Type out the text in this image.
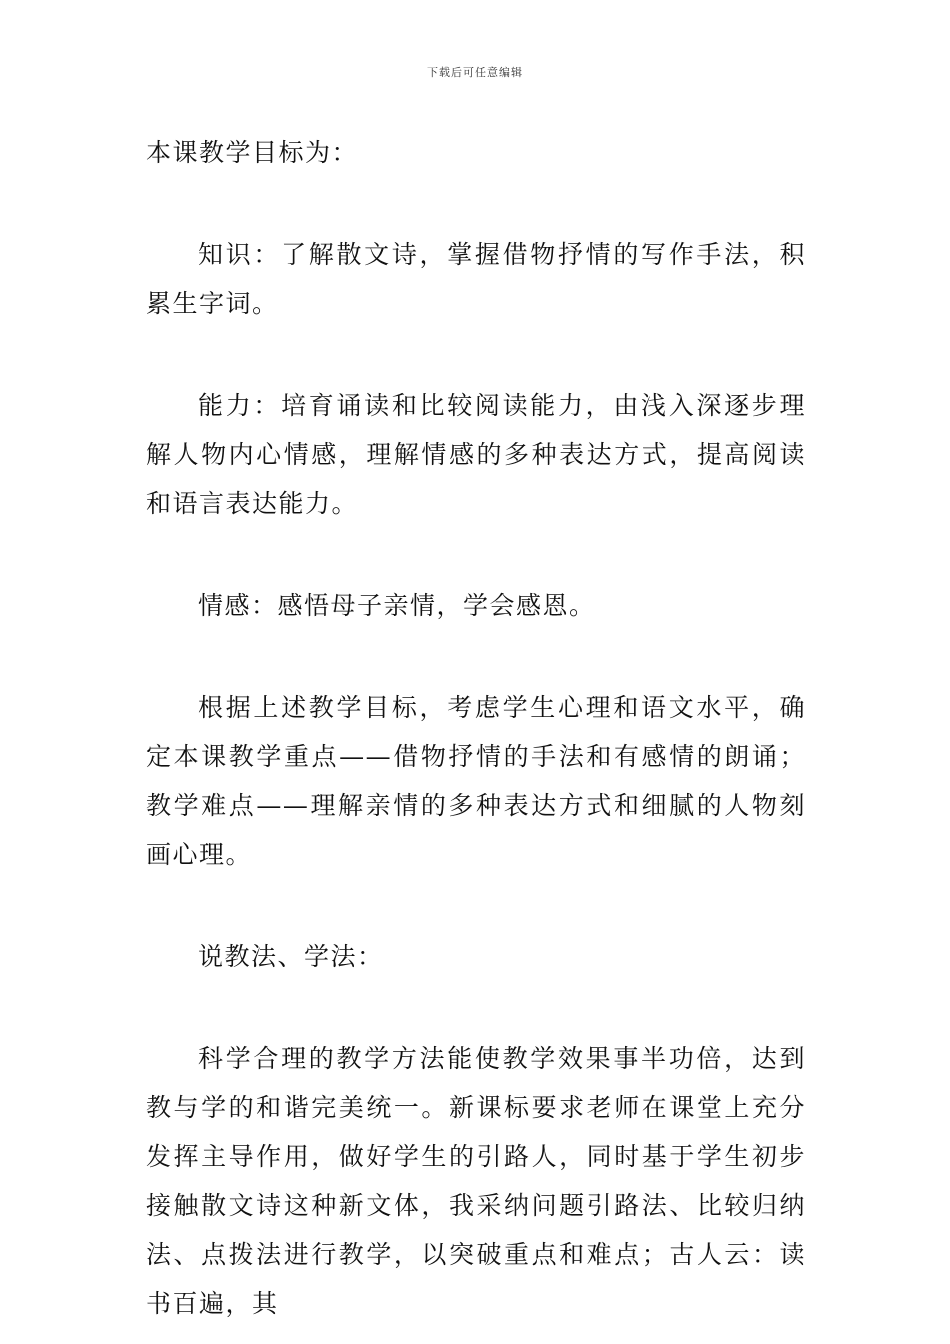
下载后可任意编辑

本课教学目标为：

知识：了解散文诗，掌握借物抒情的写作手法，积累生字词。

能力：培育诵读和比较阅读能力，由浅入深逐步理解人物内心情感，理解情感的多种表达方式，提高阅读和语言表达能力。

情感：感悟母子亲情，学会感恩。

根据上述教学目标，考虑学生心理和语文水平，确定本课教学重点——借物抒情的手法和有感情的朗诵；教学难点——理解亲情的多种表达方式和细腻的人物刻画心理。

说教法、学法：

科学合理的教学方法能使教学效果事半功倍，达到教与学的和谐完美统一。新课标要求老师在课堂上充分发挥主导作用，做好学生的引路人，同时基于学生初步接触散文诗这种新文体，我采纳问题引路法、比较归纳法、点拨法进行教学，以突破重点和难点；古人云：读书百遍，其
